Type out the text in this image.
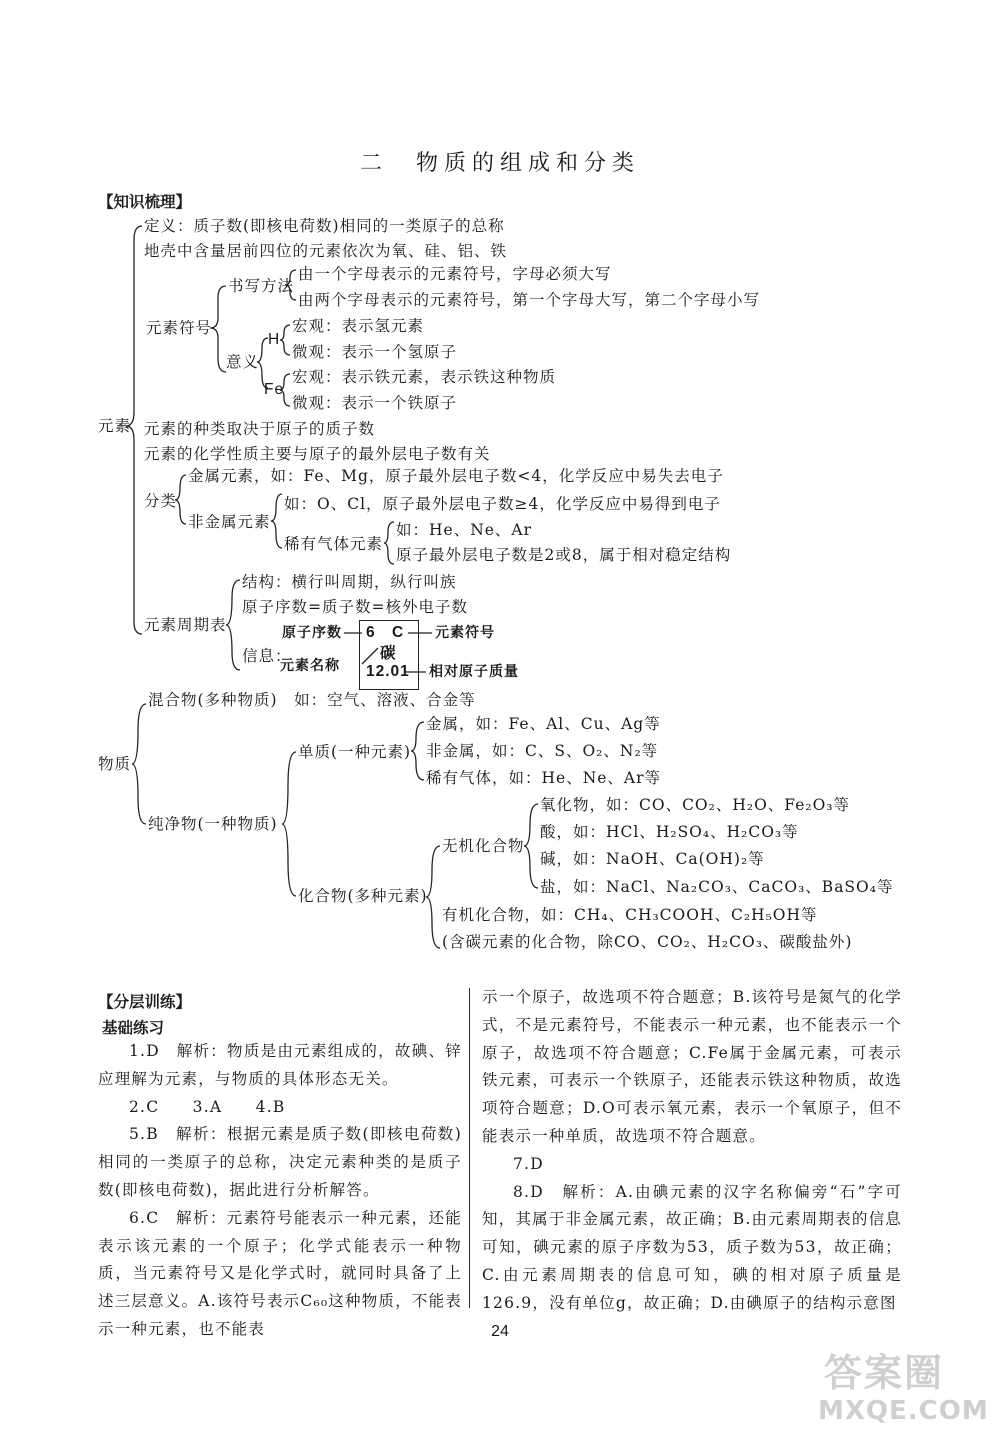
二　物质的组成和分类
【知识梳理】
元素
定义：质子数(即核电荷数)相同的一类原子的总称
地壳中含量居前四位的元素依次为氧、硅、铝、铁
元素符号
书写方法
由一个字母表示的元素符号，字母必须大写
由两个字母表示的元素符号，第一个字母大写，第二个字母小写
意义
H
宏观：表示氢元素
微观：表示一个氢原子
Fe
宏观：表示铁元素，表示铁这种物质
微观：表示一个铁原子
元素的种类取决于原子的质子数
元素的化学性质主要与原子的最外层电子数有关
分类
金属元素，如：Fe、Mg，原子最外层电子数<4，化学反应中易失去电子
非金属元素
如：O、Cl，原子最外层电子数≥4，化学反应中易得到电子
稀有气体元素
如：He、Ne、Ar
原子最外层电子数是2或8，属于相对稳定结构
元素周期表
结构：横行叫周期，纵行叫族
原子序数=质子数=核外电子数
信息：
6 C
碳
12.01
原子序数	元素符号
元素名称	相对原子质量
物质
混合物(多种物质)　如：空气、溶液、合金等
纯净物(一种物质)
单质(一种元素)
金属，如：Fe、Al、Cu、Ag等
非金属，如：C、S、O₂、N₂等
稀有气体，如：He、Ne、Ar等
化合物(多种元素)
无机化合物
氧化物，如：CO、CO₂、H₂O、Fe₂O₃等
酸，如：HCl、H₂SO₄、H₂CO₃等
碱，如：NaOH、Ca(OH)₂等
盐，如：NaCl、Na₂CO₃、CaCO₃、BaSO₄等
有机化合物，如：CH₄、CH₃COOH、C₂H₅OH等
(含碳元素的化合物，除CO、CO₂、H₂CO₃、碳酸盐外)
【分层训练】
基础练习
1.D　解析：物质是由元素组成的，故碘、锌应理解为元素，与物质的具体形态无关。
2.C　　3.A　　4.B
5.B　解析：根据元素是质子数(即核电荷数)相同的一类原子的总称，决定元素种类的是质子数(即核电荷数)，据此进行分析解答。
6.C　解析：元素符号能表示一种元素，还能表示该元素的一个原子；化学式能表示一种物质，当元素符号又是化学式时，就同时具备了上述三层意义。A.该符号表示C₆₀这种物质，不能表示一种元素，也不能表
示一个原子，故选项不符合题意；B.该符号是氮气的化学式，不是元素符号，不能表示一种元素，也不能表示一个原子，故选项不符合题意；C.Fe属于金属元素，可表示铁元素，可表示一个铁原子，还能表示铁这种物质，故选项符合题意；D.O可表示氧元素，表示一个氧原子，但不能表示一种单质，故选项不符合题意。
7.D
8.D　解析：A.由碘元素的汉字名称偏旁“石”字可知，其属于非金属元素，故正确；B.由元素周期表的信息可知，碘元素的原子序数为53，质子数为53，故正确；C.由元素周期表的信息可知，碘的相对原子质量是126.9，没有单位g，故正确；D.由碘原子的结构示意图
24
答案圈
MXQE.COM
